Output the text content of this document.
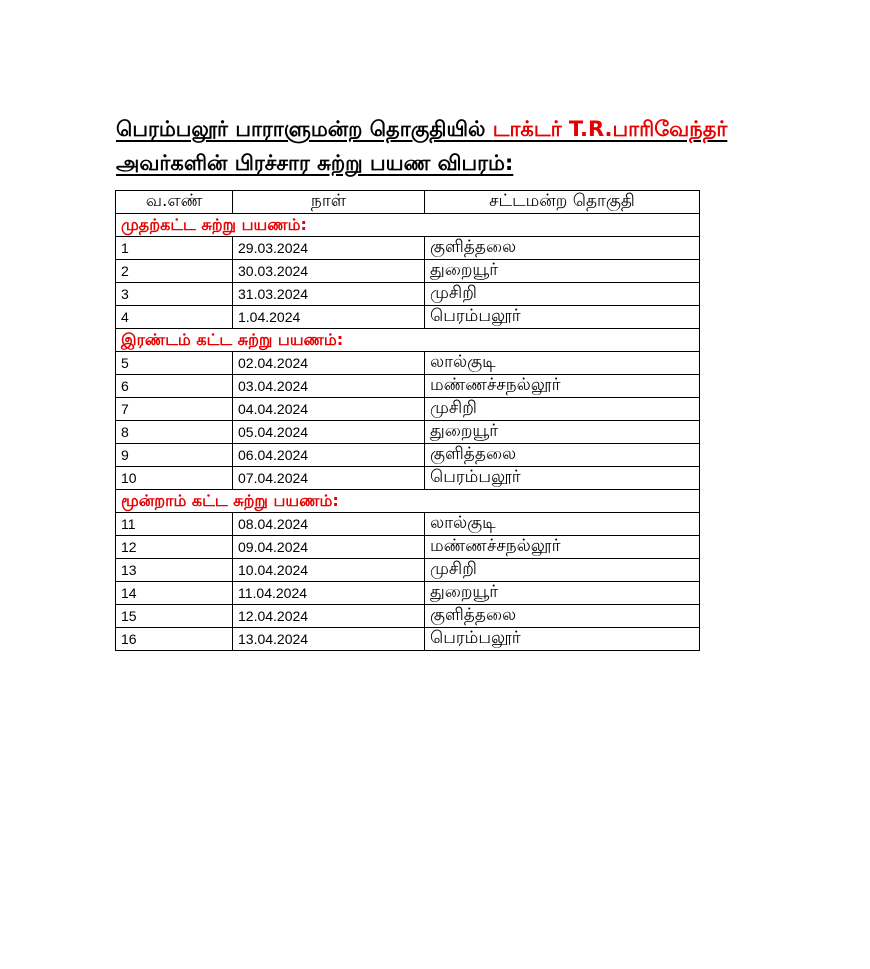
பெரம்பலூர் பாராளுமன்ற தொகுதியில் டாக்டர் T.R.பாரிவேந்தர்
அவர்களின் பிரச்சார சுற்று பயண விபரம்:
வ.எண்	நாள்	சட்டமன்ற தொகுதி
முதற்கட்ட சுற்று பயணம்:		
1	29.03.2024	குளித்தலை
2	30.03.2024	துறையூர்
3	31.03.2024	முசிறி
4	1.04.2024	பெரம்பலூர்
இரண்டம் கட்ட சுற்று பயணம்:		
5	02.04.2024	லால்குடி
6	03.04.2024	மண்ணச்சநல்லூர்
7	04.04.2024	முசிறி
8	05.04.2024	துறையூர்
9	06.04.2024	குளித்தலை
10	07.04.2024	பெரம்பலூர்
மூன்றாம் கட்ட சுற்று பயணம்:		
11	08.04.2024	லால்குடி
12	09.04.2024	மண்ணச்சநல்லூர்
13	10.04.2024	முசிறி
14	11.04.2024	துறையூர்
15	12.04.2024	குளித்தலை
16	13.04.2024	பெரம்பலூர்
